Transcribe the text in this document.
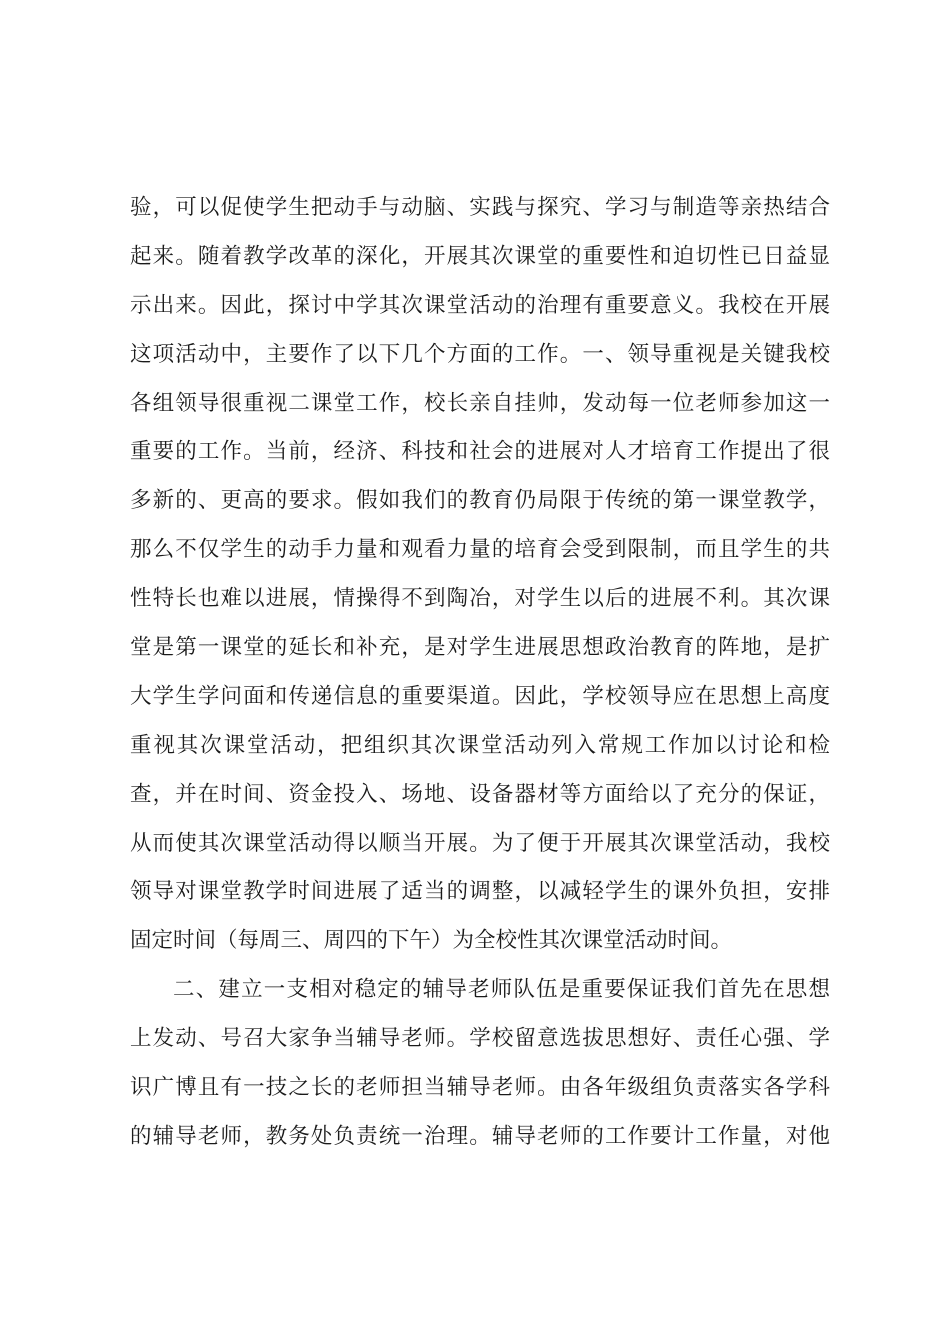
验，可以促使学生把动手与动脑、实践与探究、学习与制造等亲热结合
起来。随着教学改革的深化，开展其次课堂的重要性和迫切性已日益显
示出来。因此，探讨中学其次课堂活动的治理有重要意义。我校在开展
这项活动中，主要作了以下几个方面的工作。一、领导重视是关键我校
各组领导很重视二课堂工作，校长亲自挂帅，发动每一位老师参加这一
重要的工作。当前，经济、科技和社会的进展对人才培育工作提出了很
多新的、更高的要求。假如我们的教育仍局限于传统的第一课堂教学，
那么不仅学生的动手力量和观看力量的培育会受到限制，而且学生的共
性特长也难以进展，情操得不到陶冶，对学生以后的进展不利。其次课
堂是第一课堂的延长和补充，是对学生进展思想政治教育的阵地，是扩
大学生学问面和传递信息的重要渠道。因此，学校领导应在思想上高度
重视其次课堂活动，把组织其次课堂活动列入常规工作加以讨论和检
查，并在时间、资金投入、场地、设备器材等方面给以了充分的保证，
从而使其次课堂活动得以顺当开展。为了便于开展其次课堂活动，我校
领导对课堂教学时间进展了适当的调整，以减轻学生的课外负担，安排
固定时间（每周三、周四的下午）为全校性其次课堂活动时间。
二、建立一支相对稳定的辅导老师队伍是重要保证我们首先在思想
上发动、号召大家争当辅导老师。学校留意选拔思想好、责任心强、学
识广博且有一技之长的老师担当辅导老师。由各年级组负责落实各学科
的辅导老师，教务处负责统一治理。辅导老师的工作要计工作量，对他
